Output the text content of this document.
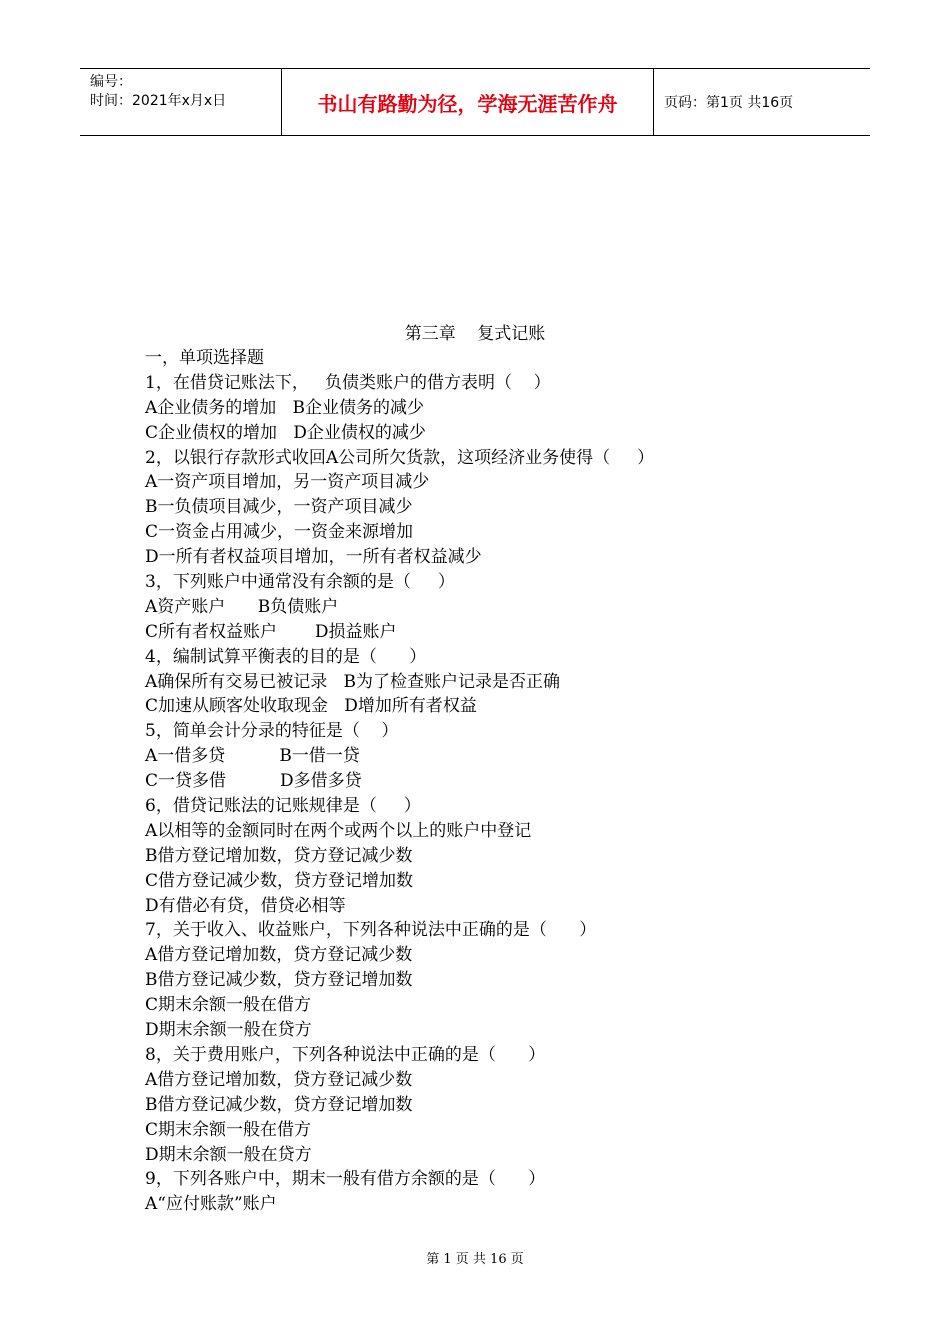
编号：
时间：2021年x月x日	书山有路勤为径，学海无涯苦作舟	页码：第1页 共16页
第三章 复式记账
一，单项选择题
1，在借贷记账法下，   负债类账户的借方表明（    ）
A企业债务的增加   B企业债务的减少
C企业债权的增加   D企业债权的减少
2，以银行存款形式收回A公司所欠货款，这项经济业务使得（     ）
A一资产项目增加，另一资产项目减少
B一负债项目减少，一资产项目减少
C一资金占用减少，一资金来源增加
D一所有者权益项目增加，一所有者权益减少
3，下列账户中通常没有余额的是（     ）
A资产账户      B负债账户
C所有者权益账户       D损益账户
4，编制试算平衡表的目的是（      ）
A确保所有交易已被记录   B为了检查账户记录是否正确
C加速从顾客处收取现金   D增加所有者权益
5，简单会计分录的特征是（    ）
A一借多贷          B一借一贷
C一贷多借          D多借多贷
6，借贷记账法的记账规律是（     ）
A以相等的金额同时在两个或两个以上的账户中登记
B借方登记增加数，贷方登记减少数
C借方登记减少数，贷方登记增加数
D有借必有贷，借贷必相等
7，关于收入、收益账户，下列各种说法中正确的是（      ）
A借方登记增加数，贷方登记减少数
B借方登记减少数，贷方登记增加数
C期末余额一般在借方
D期末余额一般在贷方
8，关于费用账户，下列各种说法中正确的是（      ）
A借方登记增加数，贷方登记减少数
B借方登记减少数，贷方登记增加数
C期末余额一般在借方
D期末余额一般在贷方
9，下列各账户中，期末一般有借方余额的是（      ）
A“应付账款”账户
第 1 页 共 16 页
